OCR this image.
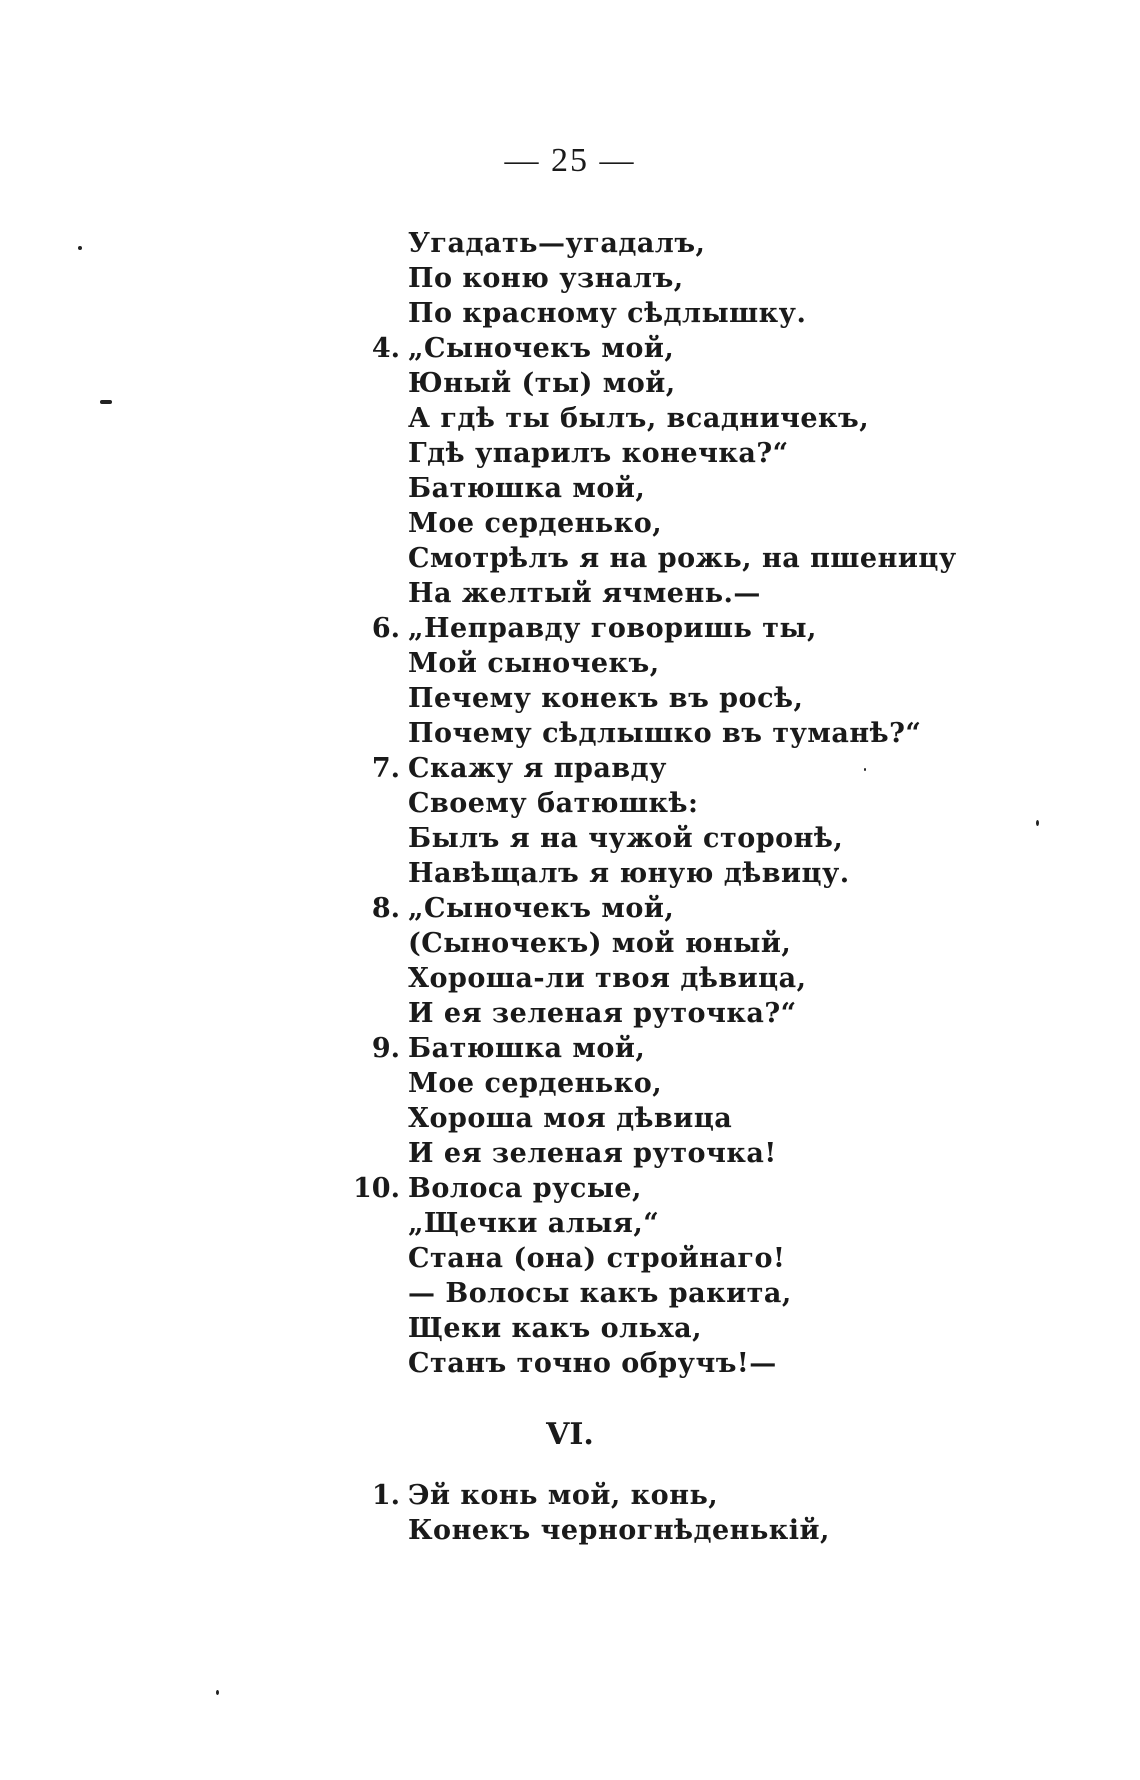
— 25 —
Угадать—угадалъ,
По коню узналъ,
По красному сѣдлышку.
4. „Сыночекъ мой,
Юный (ты) мой,
А гдѣ ты былъ, всадничекъ,
Гдѣ упарилъ конечка?“
Батюшка мой,
Мое серденько,
Смотрѣлъ я на рожь, на пшеницу
На желтый ячмень.—
6. „Неправду говоришь ты,
Мой сыночекъ,
Печему конекъ въ росѣ,
Почему сѣдлышко въ туманѣ?“
7. Скажу я правду
Своему батюшкѣ:
Былъ я на чужой сторонѣ,
Навѣщалъ я юную дѣвицу.
8. „Сыночекъ мой,
(Сыночекъ) мой юный,
Хороша-ли твоя дѣвица,
И ея зеленая руточка?“
9. Батюшка мой,
Мое серденько,
Хороша моя дѣвица
И ея зеленая руточка!
10. Волоса русые,
„Щечки алыя,“
Стана (она) стройнаго!
— Волосы какъ ракита,
Щеки какъ ольха,
Станъ точно обручъ!—
VI.
1. Эй конь мой, конь,
Конекъ черногнѣденькій,
